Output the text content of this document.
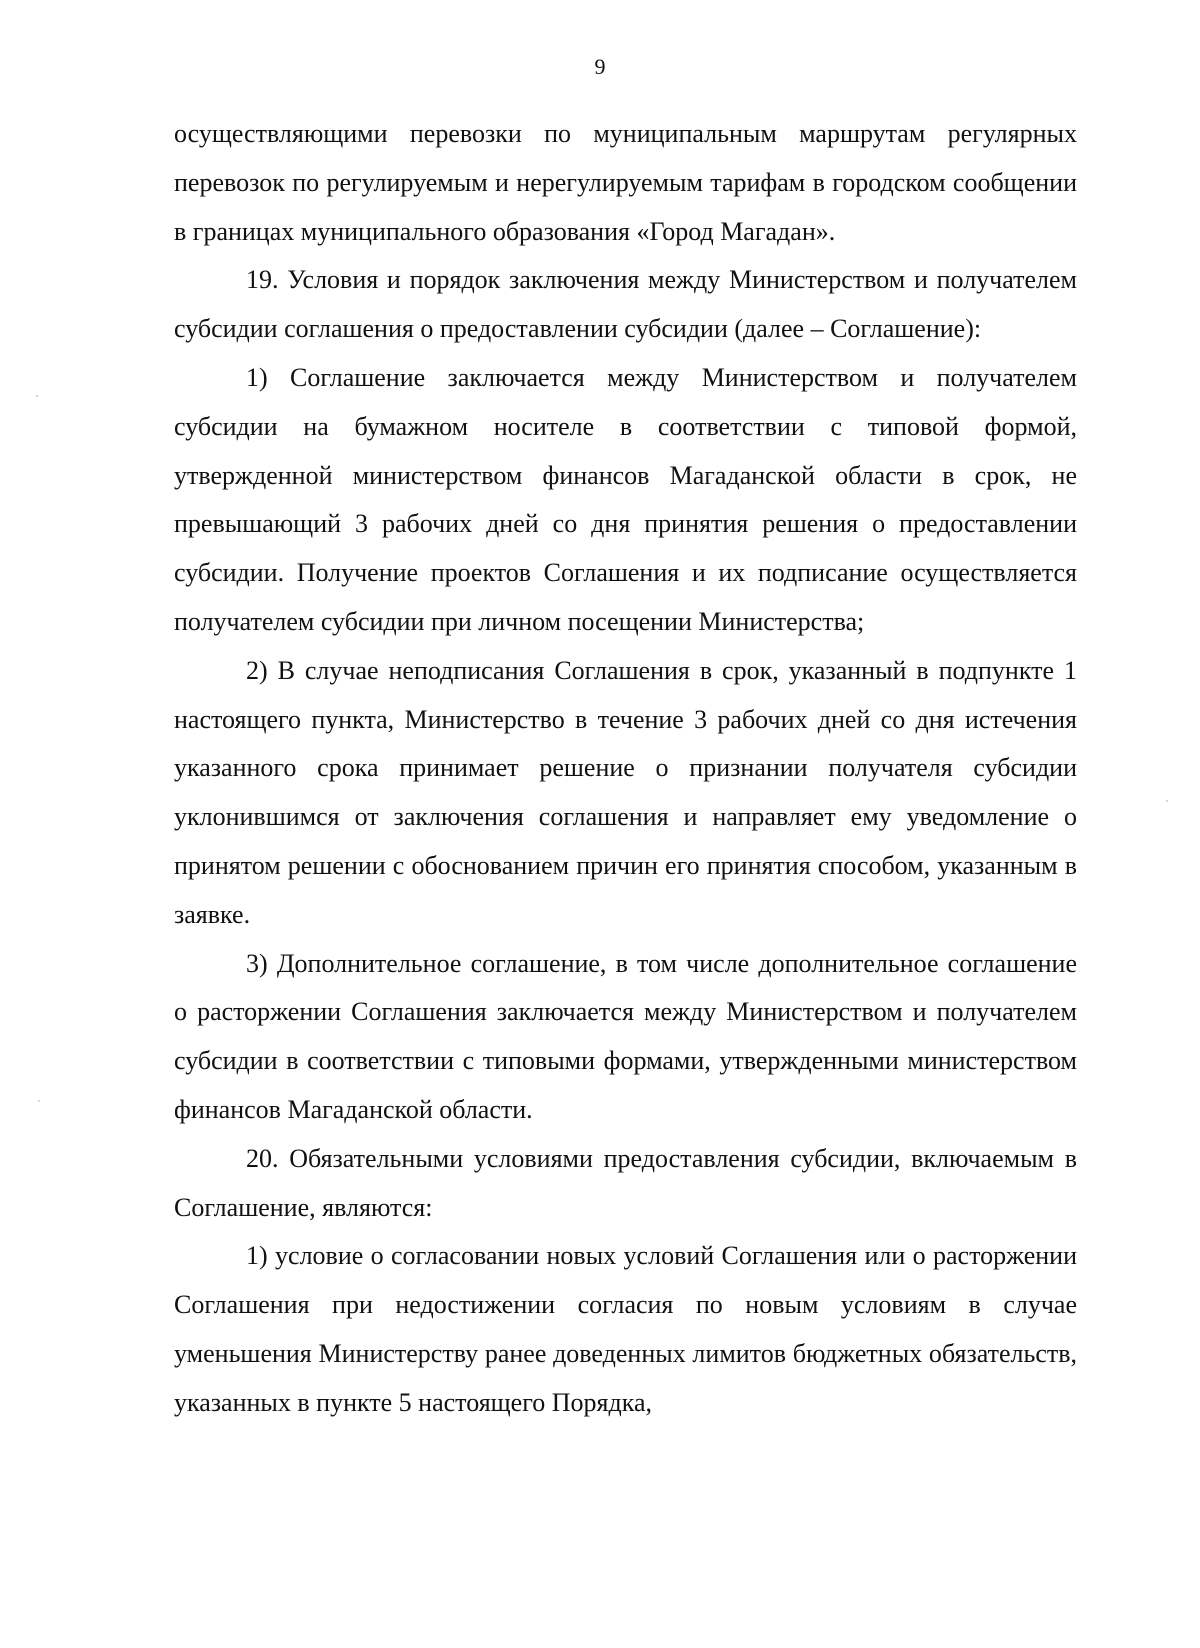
9

осуществляющими перевозки по муниципальным маршрутам регулярных перевозок по регулируемым и нерегулируемым тарифам в городском сообщении в границах муниципального образования «Город Магадан».

19. Условия и порядок заключения между Министерством и получателем субсидии соглашения о предоставлении субсидии (далее – Соглашение):

1) Соглашение заключается между Министерством и получателем субсидии на бумажном носителе в соответствии с типовой формой, утвержденной министерством финансов Магаданской области в срок, не превышающий 3 рабочих дней со дня принятия решения о предоставлении субсидии. Получение проектов Соглашения и их подписание осуществляется получателем субсидии при личном посещении Министерства;

2) В случае неподписания Соглашения в срок, указанный в подпункте 1 настоящего пункта, Министерство в течение 3 рабочих дней со дня истечения указанного срока принимает решение о признании получателя субсидии уклонившимся от заключения соглашения и направляет ему уведомление о принятом решении с обоснованием причин его принятия способом, указанным в заявке.

3) Дополнительное соглашение, в том числе дополнительное соглашение о расторжении Соглашения заключается между Министерством и получателем субсидии в соответствии с типовыми формами, утвержденными министерством финансов Магаданской области.

20. Обязательными условиями предоставления субсидии, включаемым в Соглашение, являются:

1) условие о согласовании новых условий Соглашения или о расторжении Соглашения при недостижении согласия по новым условиям в случае уменьшения Министерству ранее доведенных лимитов бюджетных обязательств, указанных в пункте 5 настоящего Порядка,
